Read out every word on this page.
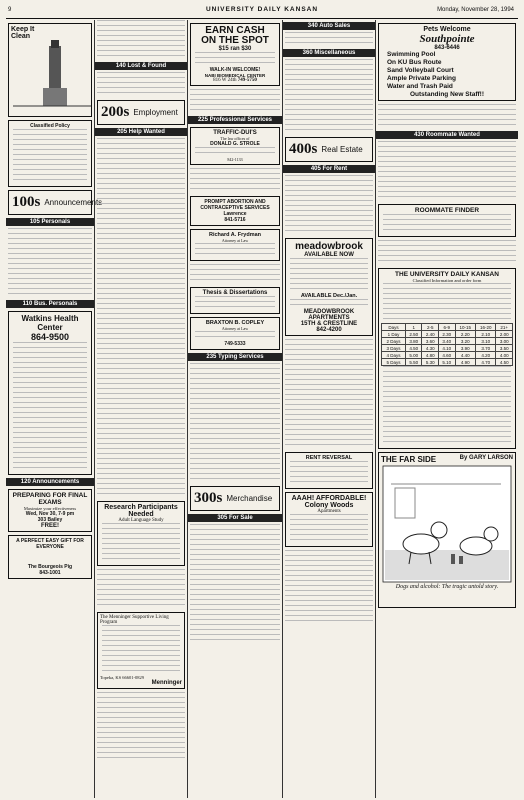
9	UNIVERSITY DAILY KANSAN	Monday, November 28, 1994
Keep It Clean
Classified Policy
100s Announcements
105 Personals
110 Bus. Personals
Watkins Health Center
864-9500
120 Announcements
PREPARING FOR FINAL EXAMS
Maximize your effectiveness
Wed, Nov 30, 7-9 pm
303 Bailey
FREE!
A PERFECT EASY GIFT FOR EVERYONE
The Bourgeois Pig
843-1001
140 Lost & Found
200s Employment
205 Help Wanted
Research Participants Needed
Adult Language Study
The Menninger Supportive Living Program
Topeka, KS 66601-0829
Menninger
EARN CASH
ON THE SPOT
$15 ran $30
WALK-IN WELCOME!
NABI BIOMEDICAL CENTER
816 W 24th 749-5750
225 Professional Services
TRAFFIC-DUI'S
The law offices of
DONALD G. STROLE
842-1133
PROMPT ABORTION AND CONTRACEPTIVE SERVICES
Lawrence
841-5716
Richard A. Frydman
Attorney at Law
Thesis & Dissertations
BRAXTON B. COPLEY
Attorney at Law
749-5333
235 Typing Services
300s Merchandise
305 For Sale
340 Auto Sales
360 Miscellaneous
400s Real Estate
405 For Rent
meadowbrook
AVAILABLE NOW
AVAILABLE Dec./Jan.
MEADOWBROOK APARTMENTS
15TH & CRESTLINE
842-4200
RENT REVERSAL
AAAH! AFFORDABLE! Colony Woods
Apartments
Pets Welcome
Southpointe
843-6446
Swimming Pool
On KU Bus Route
Sand Volleyball Court
Ample Private Parking
Water and Trash Paid
Outstanding New Staff!!
430 Roommate Wanted
ROOMMATE FINDER
THE UNIVERSITY DAILY KANSAN
Classified Information and order form
Days	1	2-5	6-9	10-15	16-20	21+
1 Day	2.50	2.40	2.30	2.20	2.10	2.00
2 Days	3.80	3.60	3.40	3.20	3.10	3.00
3 Days	4.50	4.30	4.10	3.90	3.70	3.50
4 Days	5.00	4.80	4.60	4.40	4.20	4.00
5 Days	5.50	5.30	5.10	4.90	4.70	4.50
THE FAR SIDE	By GARY LARSON
Dogs and alcohol: The tragic untold story.
